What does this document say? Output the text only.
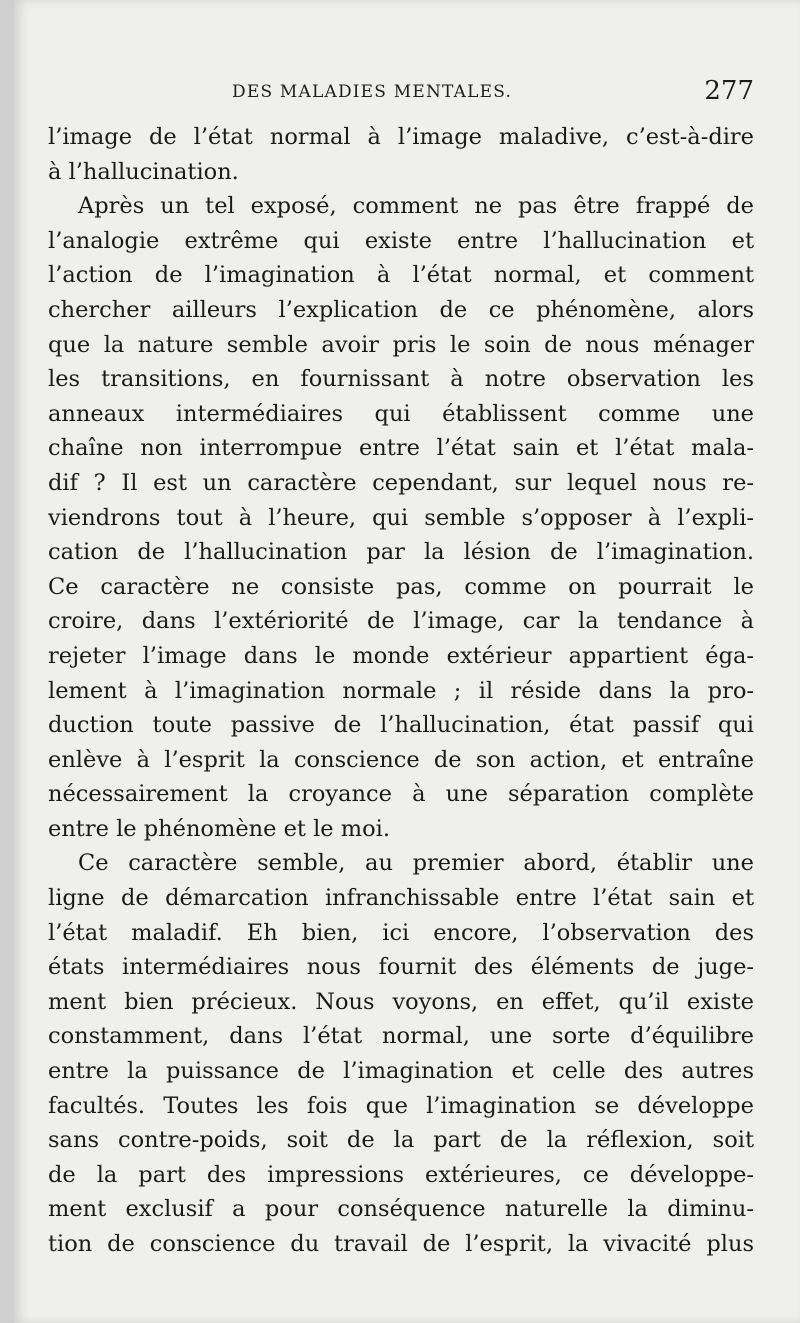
DES MALADIES MENTALES.	277
l’image de l’état normal à l’image maladive, c’est-à-dire
à l’hallucination.
Après un tel exposé, comment ne pas être frappé de
l’analogie extrême qui existe entre l’hallucination et
l’action de l’imagination à l’état normal, et comment
chercher ailleurs l’explication de ce phénomène, alors
que la nature semble avoir pris le soin de nous ménager
les transitions, en fournissant à notre observation les
anneaux intermédiaires qui établissent comme une
chaîne non interrompue entre l’état sain et l’état mala-
dif ? Il est un caractère cependant, sur lequel nous re-
viendrons tout à l’heure, qui semble s’opposer à l’expli-
cation de l’hallucination par la lésion de l’imagination.
Ce caractère ne consiste pas, comme on pourrait le
croire, dans l’extériorité de l’image, car la tendance à
rejeter l’image dans le monde extérieur appartient éga-
lement à l’imagination normale ; il réside dans la pro-
duction toute passive de l’hallucination, état passif qui
enlève à l’esprit la conscience de son action, et entraîne
nécessairement la croyance à une séparation complète
entre le phénomène et le moi.
Ce caractère semble, au premier abord, établir une
ligne de démarcation infranchissable entre l’état sain et
l’état maladif. Eh bien, ici encore, l’observation des
états intermédiaires nous fournit des éléments de juge-
ment bien précieux. Nous voyons, en effet, qu’il existe
constamment, dans l’état normal, une sorte d’équilibre
entre la puissance de l’imagination et celle des autres
facultés. Toutes les fois que l’imagination se développe
sans contre-poids, soit de la part de la réflexion, soit
de la part des impressions extérieures, ce développe-
ment exclusif a pour conséquence naturelle la diminu-
tion de conscience du travail de l’esprit, la vivacité plus
